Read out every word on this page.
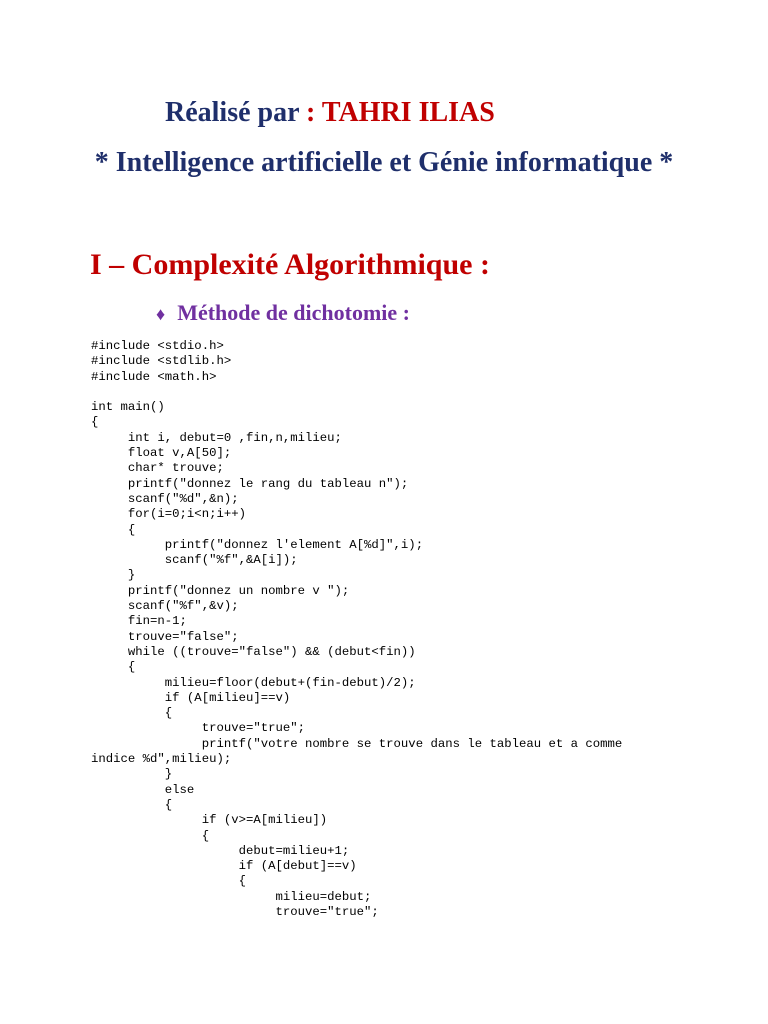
Réalisé par : TAHRI ILIAS
* Intelligence artificielle et Génie informatique *
I – Complexité Algorithmique :
♦ Méthode de dichotomie :
#include <stdio.h>
#include <stdlib.h>
#include <math.h>
int main()
{
int i, debut=0 ,fin,n,milieu;
float v,A[50];
char* trouve;
printf("donnez le rang du tableau n");
scanf("%d",&n);
for(i=0;i<n;i++)
{
printf("donnez l'element A[%d]",i);
scanf("%f",&A[i]);
}
printf("donnez un nombre v ");
scanf("%f",&v);
fin=n-1;
trouve="false";
while ((trouve="false") && (debut<fin))
{
milieu=floor(debut+(fin-debut)/2);
if (A[milieu]==v)
{
trouve="true";
printf("votre nombre se trouve dans le tableau et a comme
indice %d",milieu);
}
else
{
if (v>=A[milieu])
{
debut=milieu+1;
if (A[debut]==v)
{
milieu=debut;
trouve="true";
